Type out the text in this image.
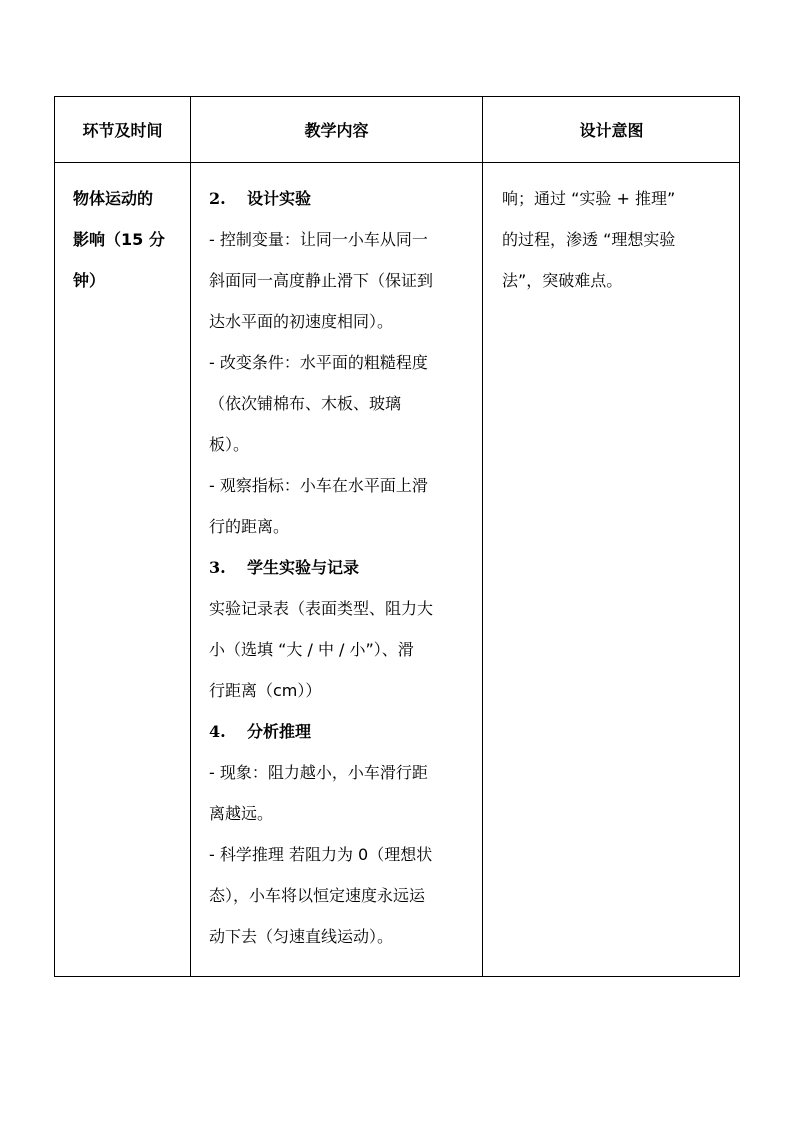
环节及时间	教学内容	设计意图
物体运动的
影响（15 分
钟）
2. 设计实验
- 控制变量：让同一小车从同一
斜面同一高度静止滑下（保证到
达水平面的初速度相同）。
- 改变条件：水平面的粗糙程度
（依次铺棉布、木板、玻璃
板）。
- 观察指标：小车在水平面上滑
行的距离。
3. 学生实验与记录
实验记录表（表面类型、阻力大
小（选填 “大 / 中 / 小”）、滑
行距离（cm））
4. 分析推理
- 现象：阻力越小，小车滑行距
离越远。
- 科学推理 若阻力为 0（理想状
态），小车将以恒定速度永远运
动下去（匀速直线运动）。
响；通过 “实验 + 推理”
的过程，渗透 “理想实验
法”，突破难点。
